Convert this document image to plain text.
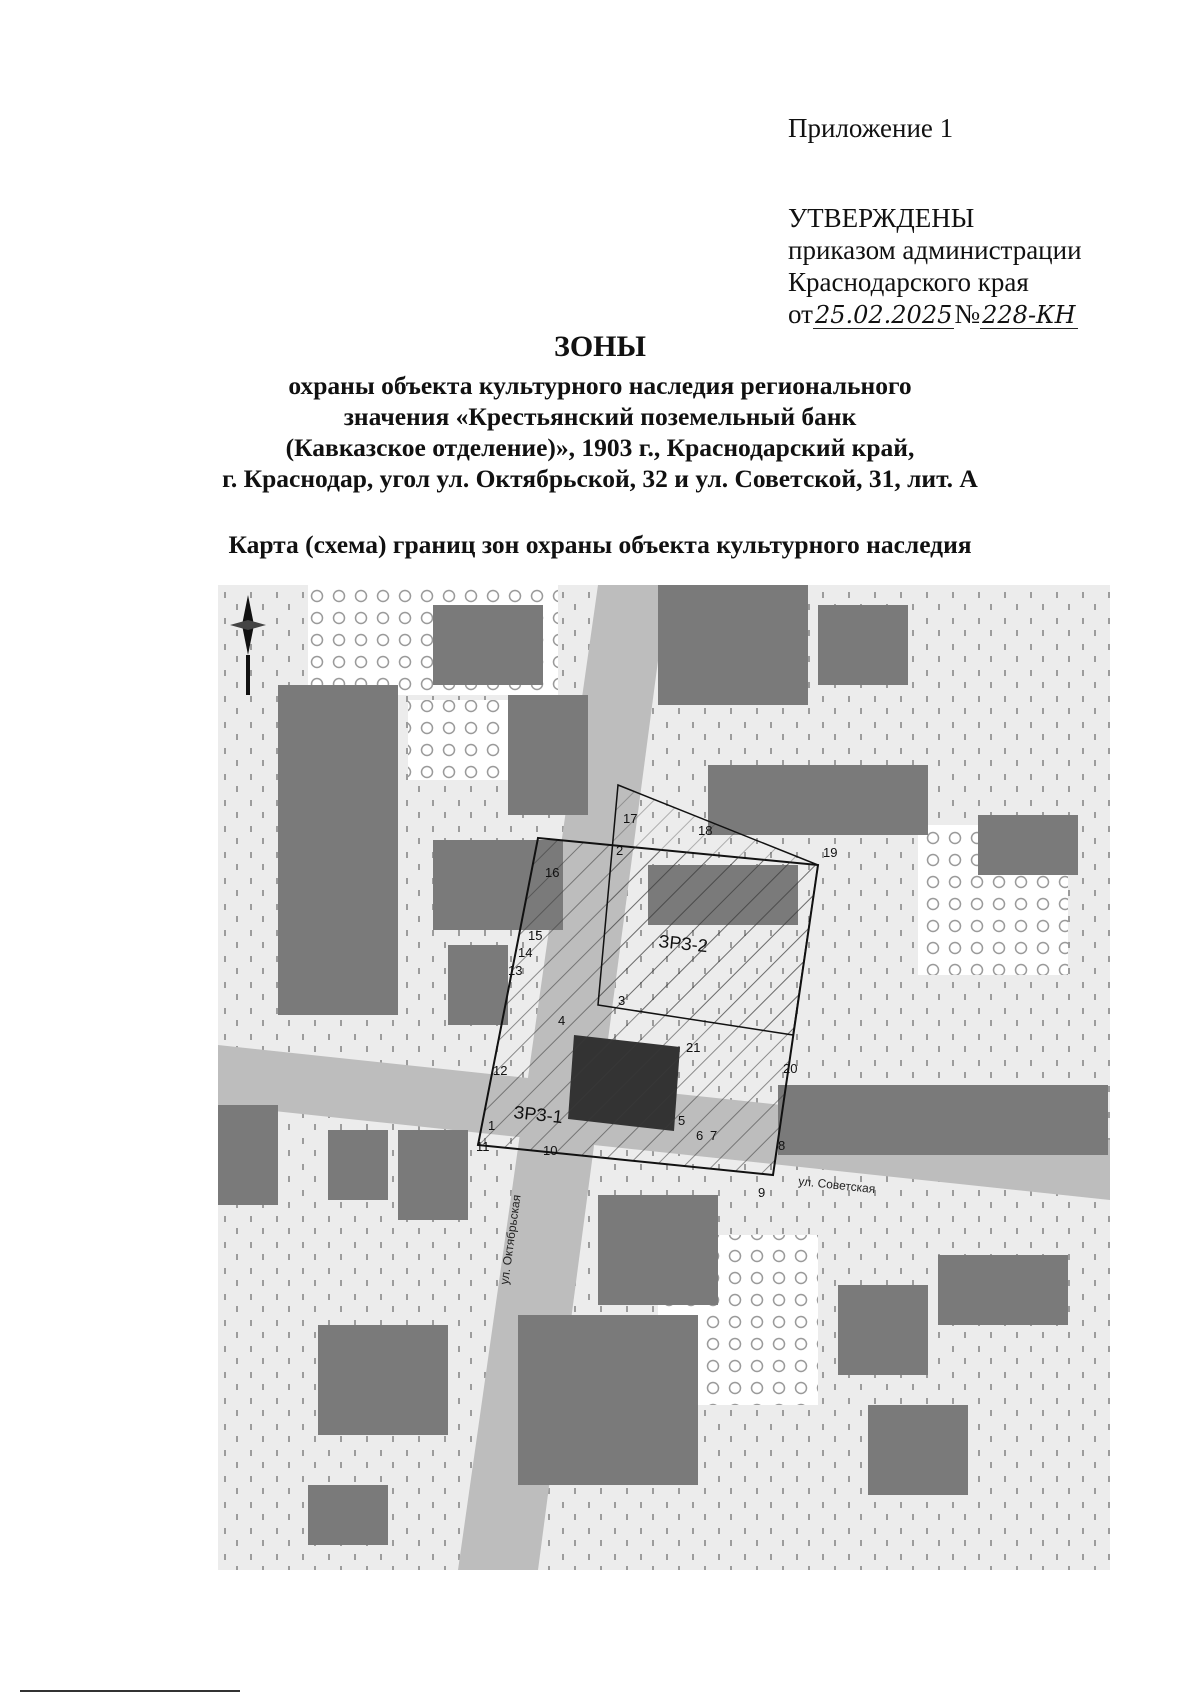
Приложение 1
УТВЕРЖДЕНЫ
приказом администрации
Краснодарского края
от25.02.2025№228-КН
ЗОНЫ
охраны объекта культурного наследия регионального
значения «Крестьянский поземельный банк
(Кавказское отделение)», 1903 г., Краснодарский край,
г. Краснодар, угол ул. Октябрьской, 32 и ул. Советской, 31, лит. А
Карта (схема) границ зон охраны объекта культурного наследия
ЗРЗ-1
ЗРЗ-2
ул. Советская
ул. Октябрьская
1
2
3
4
5
6 7
8
9
10
11
12
13
14
15
16
17
18
19
20
21
